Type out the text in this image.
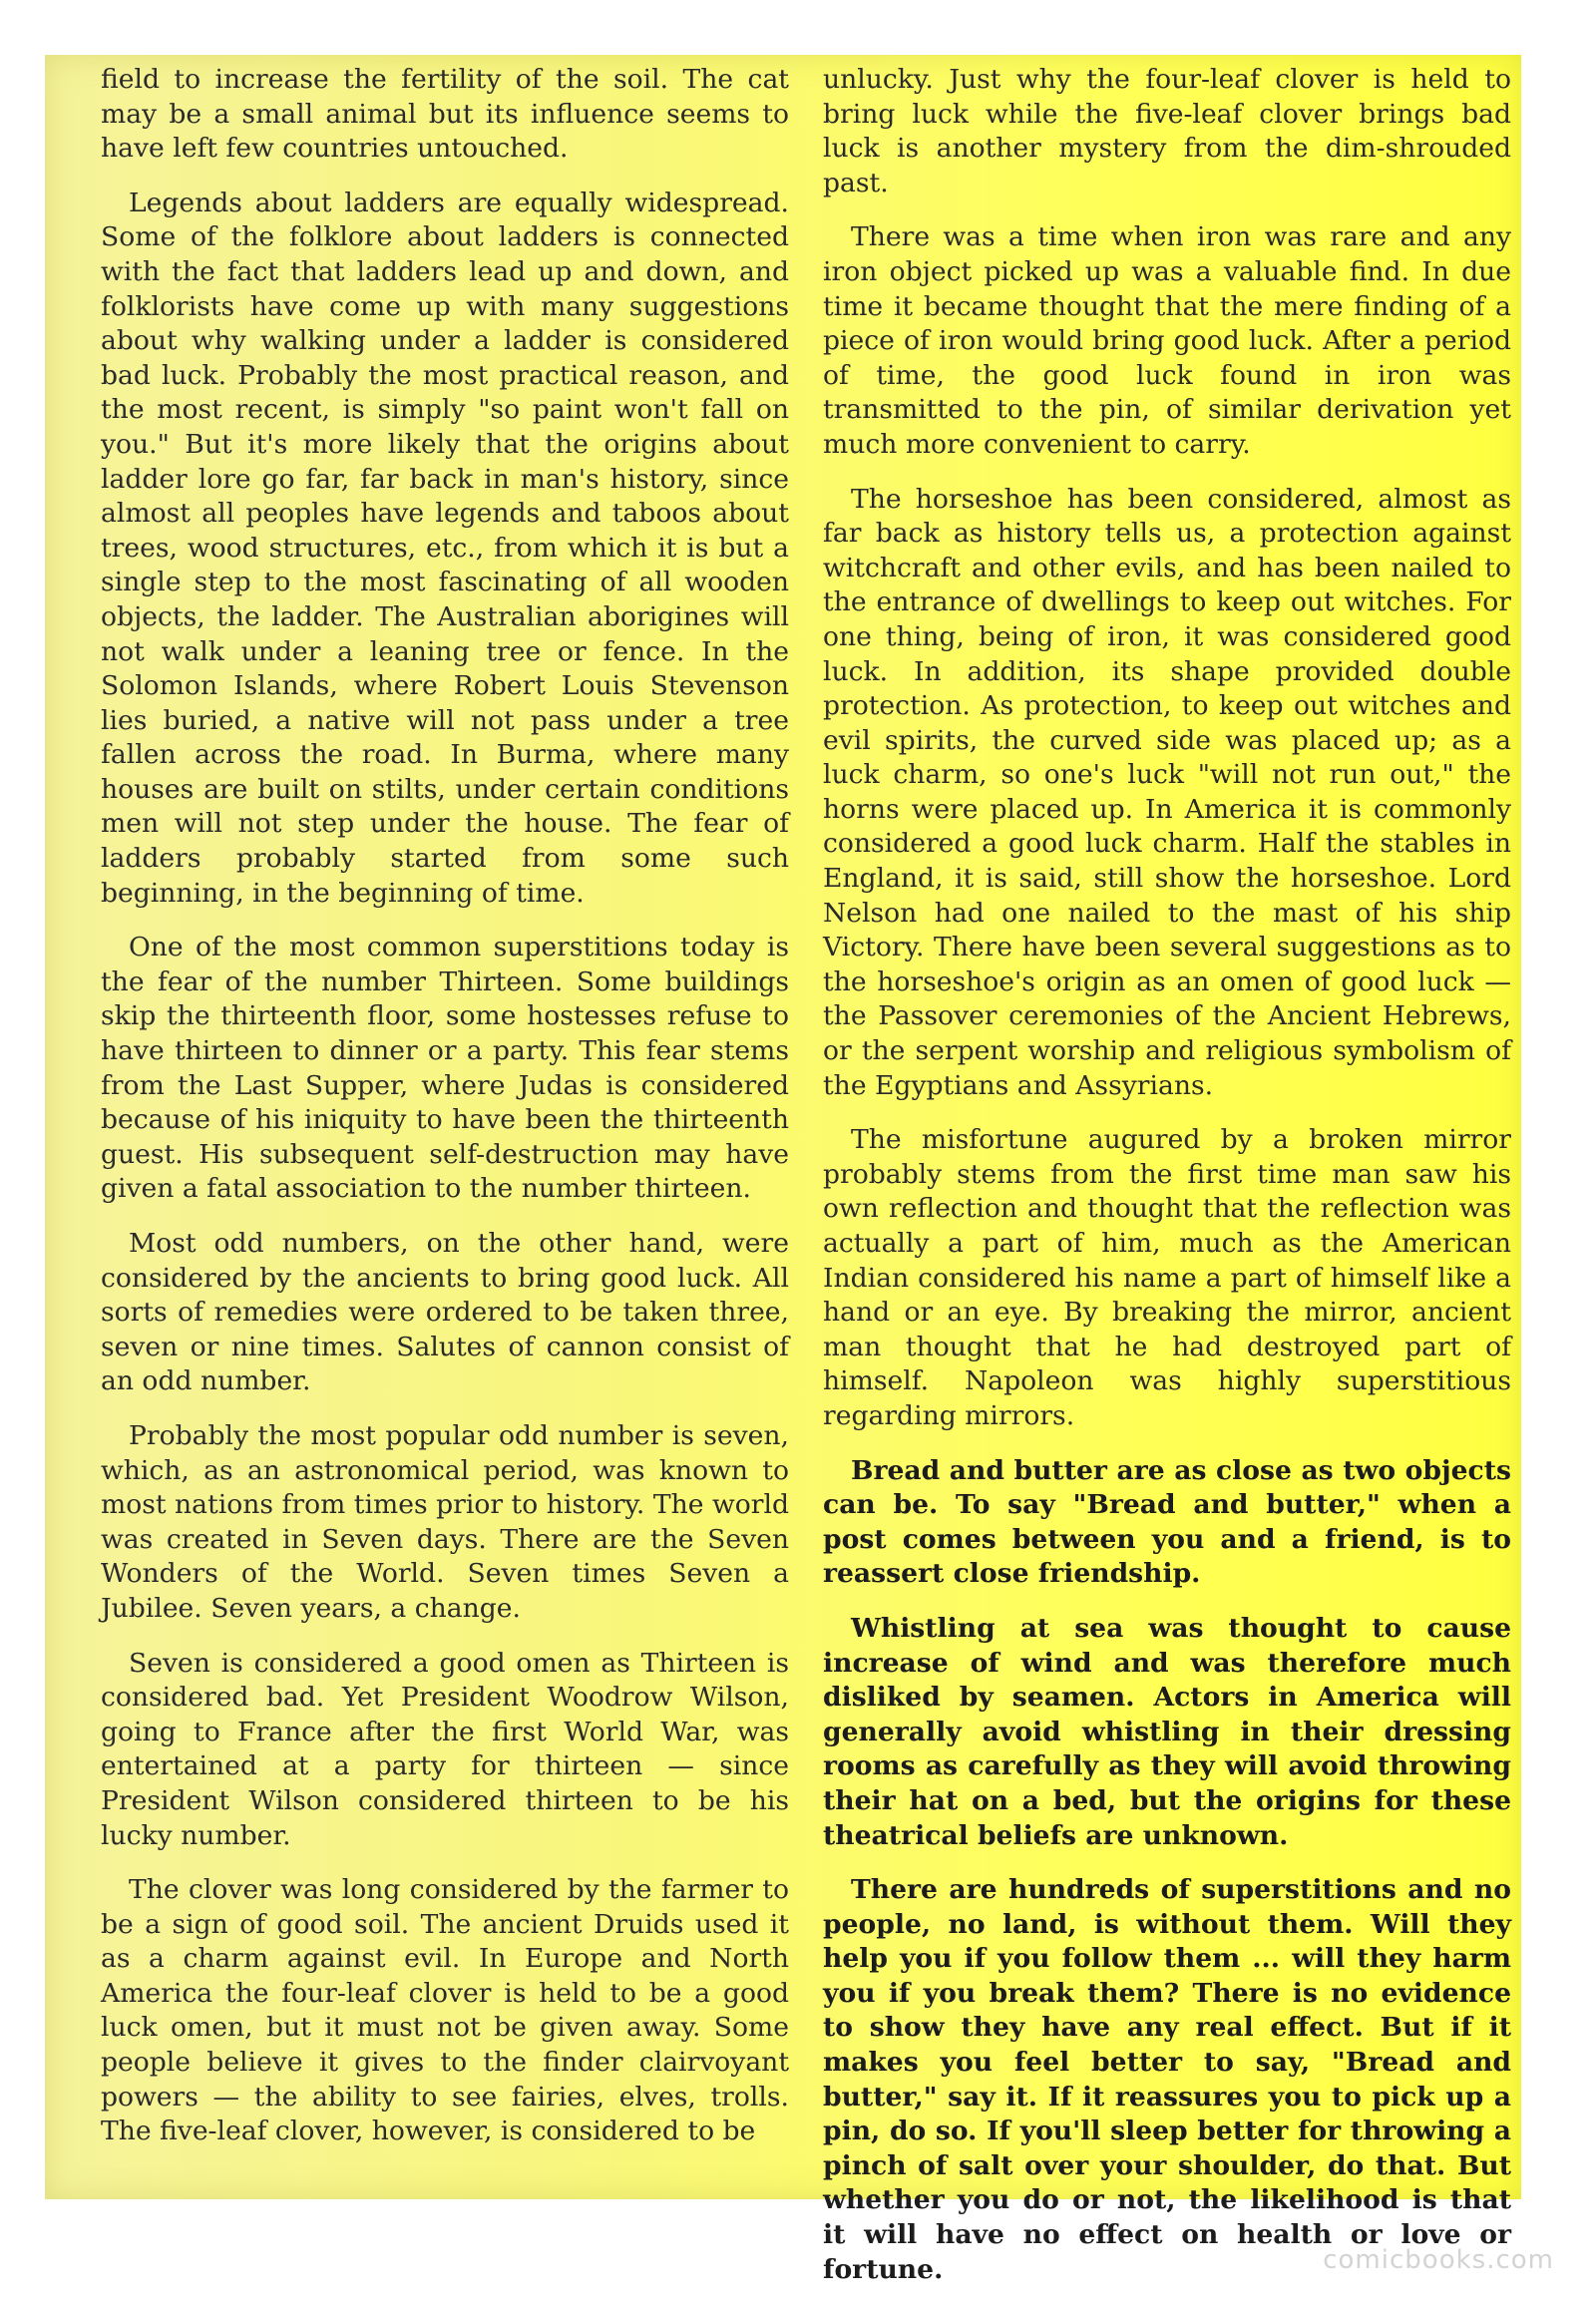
field to increase the fertility of the soil. The cat may be a small animal but its influence seems to have left few countries untouched.

Legends about ladders are equally widespread. Some of the folklore about ladders is connected with the fact that ladders lead up and down, and folklorists have come up with many suggestions about why walking under a ladder is considered bad luck. Probably the most practical reason, and the most recent, is simply "so paint won't fall on you." But it's more likely that the origins about ladder lore go far, far back in man's history, since almost all peoples have legends and taboos about trees, wood structures, etc., from which it is but a single step to the most fascinating of all wooden objects, the ladder. The Australian aborigines will not walk under a leaning tree or fence. In the Solomon Islands, where Robert Louis Stevenson lies buried, a native will not pass under a tree fallen across the road. In Burma, where many houses are built on stilts, under certain conditions men will not step under the house. The fear of ladders probably started from some such beginning, in the beginning of time.

One of the most common superstitions today is the fear of the number Thirteen. Some buildings skip the thirteenth floor, some hostesses refuse to have thirteen to dinner or a party. This fear stems from the Last Supper, where Judas is considered because of his iniquity to have been the thirteenth guest. His subsequent self-destruction may have given a fatal association to the number thirteen.

Most odd numbers, on the other hand, were considered by the ancients to bring good luck. All sorts of remedies were ordered to be taken three, seven or nine times. Salutes of cannon consist of an odd number.

Probably the most popular odd number is seven, which, as an astronomical period, was known to most nations from times prior to history. The world was created in Seven days. There are the Seven Wonders of the World. Seven times Seven a Jubilee. Seven years, a change.

Seven is considered a good omen as Thirteen is considered bad. Yet President Woodrow Wilson, going to France after the first World War, was entertained at a party for thirteen — since President Wilson considered thirteen to be his lucky number.

The clover was long considered by the farmer to be a sign of good soil. The ancient Druids used it as a charm against evil. In Europe and North America the four-leaf clover is held to be a good luck omen, but it must not be given away. Some people believe it gives to the finder clairvoyant powers — the ability to see fairies, elves, trolls. The five-leaf clover, however, is considered to be

unlucky. Just why the four-leaf clover is held to bring luck while the five-leaf clover brings bad luck is another mystery from the dim-shrouded past.

There was a time when iron was rare and any iron object picked up was a valuable find. In due time it became thought that the mere finding of a piece of iron would bring good luck. After a period of time, the good luck found in iron was transmitted to the pin, of similar derivation yet much more convenient to carry.

The horseshoe has been considered, almost as far back as history tells us, a protection against witchcraft and other evils, and has been nailed to the entrance of dwellings to keep out witches. For one thing, being of iron, it was considered good luck. In addition, its shape provided double protection. As protection, to keep out witches and evil spirits, the curved side was placed up; as a luck charm, so one's luck "will not run out," the horns were placed up. In America it is commonly considered a good luck charm. Half the stables in England, it is said, still show the horseshoe. Lord Nelson had one nailed to the mast of his ship Victory. There have been several suggestions as to the horseshoe's origin as an omen of good luck — the Passover ceremonies of the Ancient Hebrews, or the serpent worship and religious symbolism of the Egyptians and Assyrians.

The misfortune augured by a broken mirror probably stems from the first time man saw his own reflection and thought that the reflection was actually a part of him, much as the American Indian considered his name a part of himself like a hand or an eye. By breaking the mirror, ancient man thought that he had destroyed part of himself. Napoleon was highly superstitious regarding mirrors.

Bread and butter are as close as two objects can be. To say "Bread and butter," when a post comes between you and a friend, is to reassert close friendship.

Whistling at sea was thought to cause increase of wind and was therefore much disliked by seamen. Actors in America will generally avoid whistling in their dressing rooms as carefully as they will avoid throwing their hat on a bed, but the origins for these theatrical beliefs are unknown.

There are hundreds of superstitions and no people, no land, is without them. Will they help you if you follow them ... will they harm you if you break them? There is no evidence to show they have any real effect. But if it makes you feel better to say, "Bread and butter," say it. If it reassures you to pick up a pin, do so. If you'll sleep better for throwing a pinch of salt over your shoulder, do that. But whether you do or not, the likelihood is that it will have no effect on health or love or fortune.	comicbooks.com
